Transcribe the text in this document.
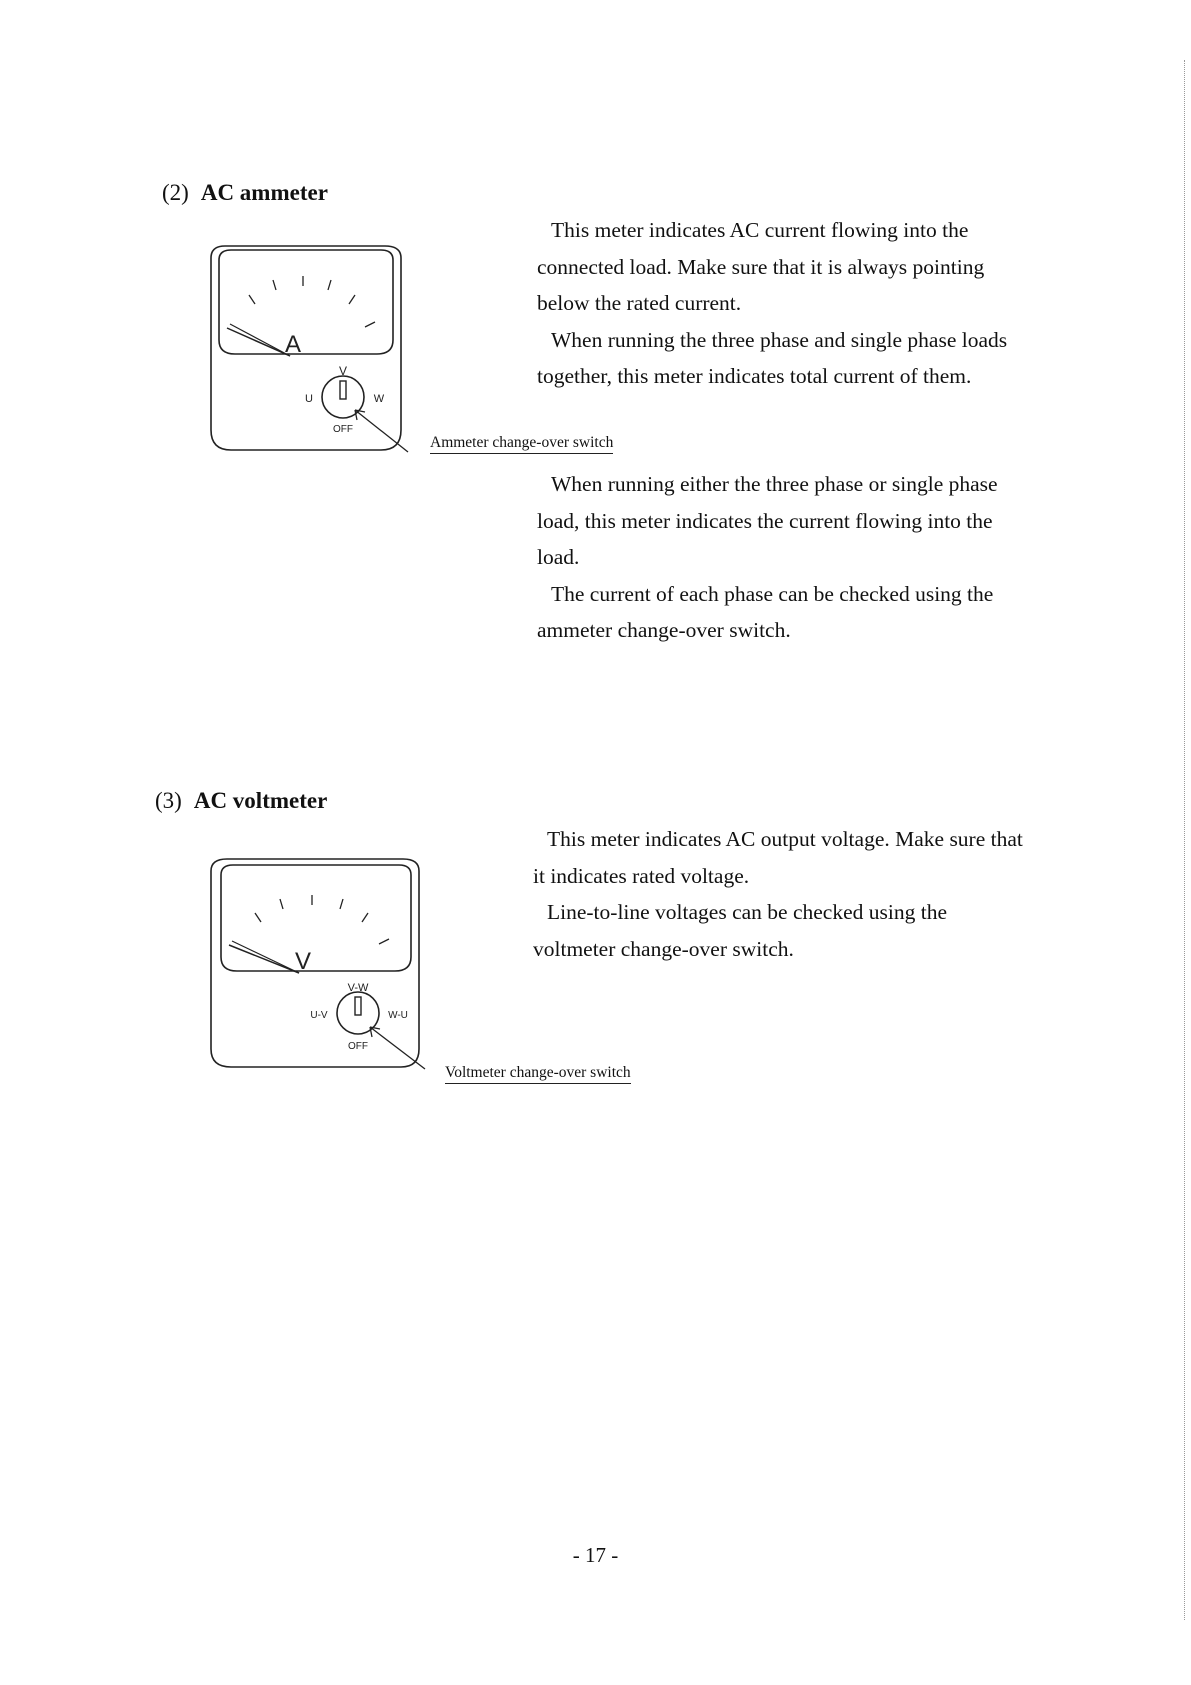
(2) AC ammeter
A
V
U	W
OFF
Ammeter change-over switch

This meter indicates AC current flowing into the connected load. Make sure that it is always pointing below the rated current.

When running the three phase and single phase loads together, this meter indicates total current of them.

When running either the three phase or single phase load, this meter indicates the current flowing into the load.

The current of each phase can be checked using the ammeter change-over switch.

(3) AC voltmeter
V
V-W
U-V	W-U
OFF
Voltmeter change-over switch

This meter indicates AC output voltage. Make sure that it indicates rated voltage.

Line-to-line voltages can be checked using the voltmeter change-over switch.

- 17 -
